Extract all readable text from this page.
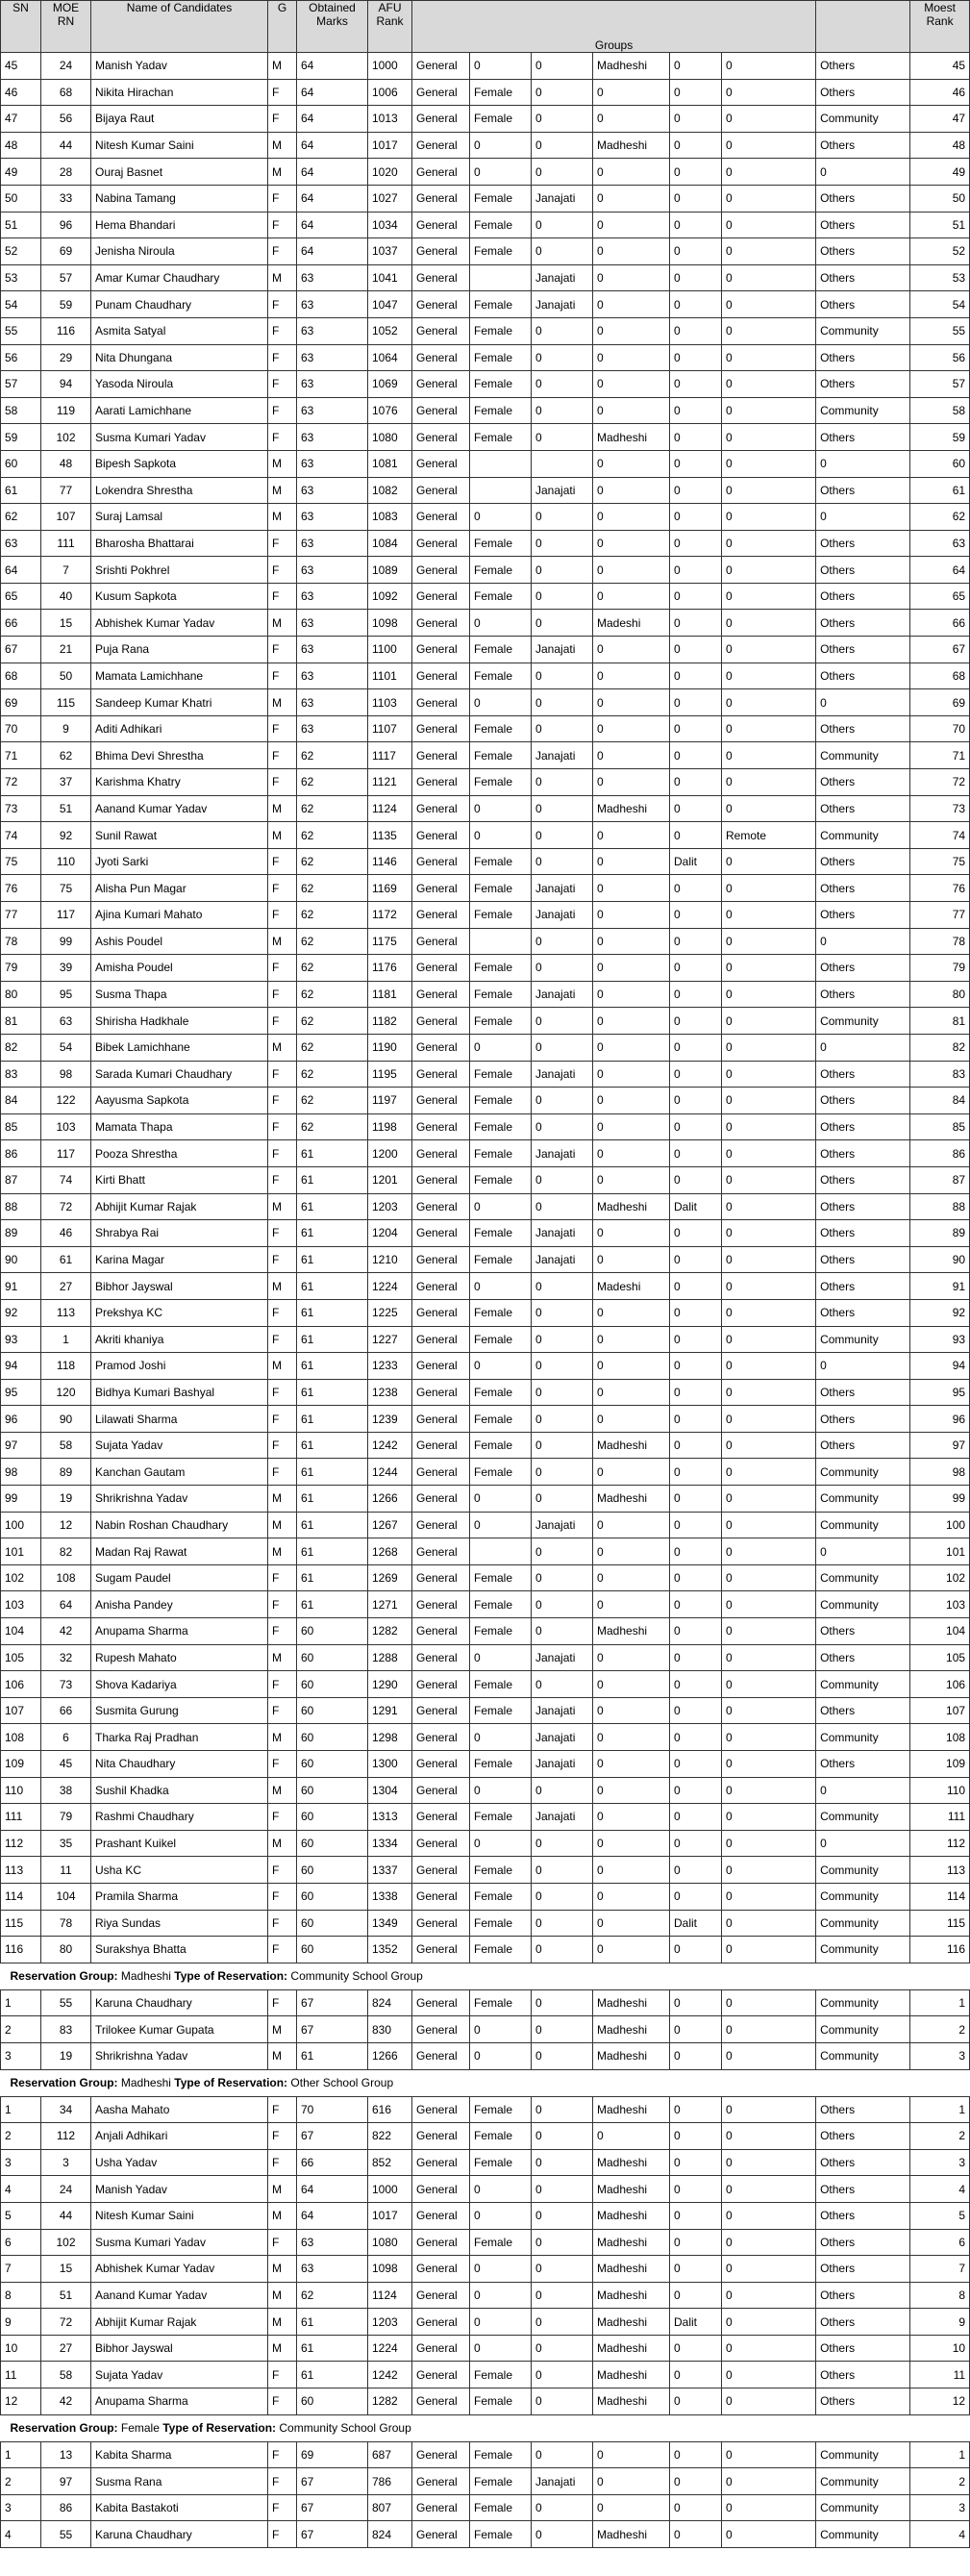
SN	MOE RN	Name of Candidates	G	Obtained Marks	AFU Rank	Groups							Moest Rank
45	24	Manish Yadav	M	64	1000	General	0	0	Madheshi	0	0	Others	45
46	68	Nikita Hirachan	F	64	1006	General	Female	0	0	0	0	Others	46
47	56	Bijaya Raut	F	64	1013	General	Female	0	0	0	0	Community	47
48	44	Nitesh Kumar Saini	M	64	1017	General	0	0	Madheshi	0	0	Others	48
49	28	Ouraj Basnet	M	64	1020	General	0	0	0	0	0	0	49
50	33	Nabina Tamang	F	64	1027	General	Female	Janajati	0	0	0	Others	50
51	96	Hema Bhandari	F	64	1034	General	Female	0	0	0	0	Others	51
52	69	Jenisha Niroula	F	64	1037	General	Female	0	0	0	0	Others	52
53	57	Amar Kumar Chaudhary	M	63	1041	General		Janajati	0	0	0	Others	53
54	59	Punam Chaudhary	F	63	1047	General	Female	Janajati	0	0	0	Others	54
55	116	Asmita Satyal	F	63	1052	General	Female	0	0	0	0	Community	55
56	29	Nita Dhungana	F	63	1064	General	Female	0	0	0	0	Others	56
57	94	Yasoda Niroula	F	63	1069	General	Female	0	0	0	0	Others	57
58	119	Aarati Lamichhane	F	63	1076	General	Female	0	0	0	0	Community	58
59	102	Susma Kumari Yadav	F	63	1080	General	Female	0	Madheshi	0	0	Others	59
60	48	Bipesh Sapkota	M	63	1081	General			0	0	0	0	60
61	77	Lokendra Shrestha	M	63	1082	General		Janajati	0	0	0	Others	61
62	107	Suraj Lamsal	M	63	1083	General	0	0	0	0	0	0	62
63	111	Bharosha Bhattarai	F	63	1084	General	Female	0	0	0	0	Others	63
64	7	Srishti Pokhrel	F	63	1089	General	Female	0	0	0	0	Others	64
65	40	Kusum Sapkota	F	63	1092	General	Female	0	0	0	0	Others	65
66	15	Abhishek Kumar Yadav	M	63	1098	General	0	0	Madeshi	0	0	Others	66
67	21	Puja Rana	F	63	1100	General	Female	Janajati	0	0	0	Others	67
68	50	Mamata Lamichhane	F	63	1101	General	Female	0	0	0	0	Others	68
69	115	Sandeep Kumar Khatri	M	63	1103	General	0	0	0	0	0	0	69
70	9	Aditi Adhikari	F	63	1107	General	Female	0	0	0	0	Others	70
71	62	Bhima Devi Shrestha	F	62	1117	General	Female	Janajati	0	0	0	Community	71
72	37	Karishma Khatry	F	62	1121	General	Female	0	0	0	0	Others	72
73	51	Aanand Kumar Yadav	M	62	1124	General	0	0	Madheshi	0	0	Others	73
74	92	Sunil Rawat	M	62	1135	General	0	0	0	0	Remote	Community	74
75	110	Jyoti Sarki	F	62	1146	General	Female	0	0	Dalit	0	Others	75
76	75	Alisha Pun Magar	F	62	1169	General	Female	Janajati	0	0	0	Others	76
77	117	Ajina Kumari Mahato	F	62	1172	General	Female	Janajati	0	0	0	Others	77
78	99	Ashis Poudel	M	62	1175	General		0	0	0	0	0	78
79	39	Amisha Poudel	F	62	1176	General	Female	0	0	0	0	Others	79
80	95	Susma Thapa	F	62	1181	General	Female	Janajati	0	0	0	Others	80
81	63	Shirisha Hadkhale	F	62	1182	General	Female	0	0	0	0	Community	81
82	54	Bibek Lamichhane	M	62	1190	General	0	0	0	0	0	0	82
83	98	Sarada Kumari Chaudhary	F	62	1195	General	Female	Janajati	0	0	0	Others	83
84	122	Aayusma Sapkota	F	62	1197	General	Female	0	0	0	0	Others	84
85	103	Mamata Thapa	F	62	1198	General	Female	0	0	0	0	Others	85
86	117	Pooza Shrestha	F	61	1200	General	Female	Janajati	0	0	0	Others	86
87	74	Kirti Bhatt	F	61	1201	General	Female	0	0	0	0	Others	87
88	72	Abhijit Kumar Rajak	M	61	1203	General	0	0	Madheshi	Dalit	0	Others	88
89	46	Shrabya Rai	F	61	1204	General	Female	Janajati	0	0	0	Others	89
90	61	Karina Magar	F	61	1210	General	Female	Janajati	0	0	0	Others	90
91	27	Bibhor Jayswal	M	61	1224	General	0	0	Madeshi	0	0	Others	91
92	113	Prekshya KC	F	61	1225	General	Female	0	0	0	0	Others	92
93	1	Akriti khaniya	F	61	1227	General	Female	0	0	0	0	Community	93
94	118	Pramod Joshi	M	61	1233	General	0	0	0	0	0	0	94
95	120	Bidhya Kumari Bashyal	F	61	1238	General	Female	0	0	0	0	Others	95
96	90	Lilawati Sharma	F	61	1239	General	Female	0	0	0	0	Others	96
97	58	Sujata Yadav	F	61	1242	General	Female	0	Madheshi	0	0	Others	97
98	89	Kanchan Gautam	F	61	1244	General	Female	0	0	0	0	Community	98
99	19	Shrikrishna Yadav	M	61	1266	General	0	0	Madheshi	0	0	Community	99
100	12	Nabin Roshan Chaudhary	M	61	1267	General	0	Janajati	0	0	0	Community	100
101	82	Madan Raj Rawat	M	61	1268	General		0	0	0	0	0	101
102	108	Sugam Paudel	F	61	1269	General	Female	0	0	0	0	Community	102
103	64	Anisha Pandey	F	61	1271	General	Female	0	0	0	0	Community	103
104	42	Anupama Sharma	F	60	1282	General	Female	0	Madheshi	0	0	Others	104
105	32	Rupesh Mahato	M	60	1288	General	0	Janajati	0	0	0	Others	105
106	73	Shova Kadariya	F	60	1290	General	Female	0	0	0	0	Community	106
107	66	Susmita Gurung	F	60	1291	General	Female	Janajati	0	0	0	Others	107
108	6	Tharka Raj Pradhan	M	60	1298	General	0	Janajati	0	0	0	Community	108
109	45	Nita Chaudhary	F	60	1300	General	Female	Janajati	0	0	0	Others	109
110	38	Sushil Khadka	M	60	1304	General	0	0	0	0	0	0	110
111	79	Rashmi Chaudhary	F	60	1313	General	Female	Janajati	0	0	0	Community	111
112	35	Prashant Kuikel	M	60	1334	General	0	0	0	0	0	0	112
113	11	Usha KC	F	60	1337	General	Female	0	0	0	0	Community	113
114	104	Pramila Sharma	F	60	1338	General	Female	0	0	0	0	Community	114
115	78	Riya Sundas	F	60	1349	General	Female	0	0	Dalit	0	Community	115
116	80	Surakshya Bhatta	F	60	1352	General	Female	0	0	0	0	Community	116
Reservation Group: Madheshi Type of Reservation: Community School Group													
1	55	Karuna Chaudhary	F	67	824	General	Female	0	Madheshi	0	0	Community	1
2	83	Trilokee Kumar Gupata	M	67	830	General	0	0	Madheshi	0	0	Community	2
3	19	Shrikrishna Yadav	M	61	1266	General	0	0	Madheshi	0	0	Community	3
Reservation Group: Madheshi Type of Reservation: Other School Group													
1	34	Aasha Mahato	F	70	616	General	Female	0	Madheshi	0	0	Others	1
2	112	Anjali Adhikari	F	67	822	General	Female	0	0	0	0	Others	2
3	3	Usha Yadav	F	66	852	General	Female	0	Madheshi	0	0	Others	3
4	24	Manish Yadav	M	64	1000	General	0	0	Madheshi	0	0	Others	4
5	44	Nitesh Kumar Saini	M	64	1017	General	0	0	Madheshi	0	0	Others	5
6	102	Susma Kumari Yadav	F	63	1080	General	Female	0	Madheshi	0	0	Others	6
7	15	Abhishek Kumar Yadav	M	63	1098	General	0	0	Madheshi	0	0	Others	7
8	51	Aanand Kumar Yadav	M	62	1124	General	0	0	Madheshi	0	0	Others	8
9	72	Abhijit Kumar Rajak	M	61	1203	General	0	0	Madheshi	Dalit	0	Others	9
10	27	Bibhor Jayswal	M	61	1224	General	0	0	Madheshi	0	0	Others	10
11	58	Sujata Yadav	F	61	1242	General	Female	0	Madheshi	0	0	Others	11
12	42	Anupama Sharma	F	60	1282	General	Female	0	Madheshi	0	0	Others	12
Reservation Group: Female Type of Reservation: Community School Group													
1	13	Kabita Sharma	F	69	687	General	Female	0	0	0	0	Community	1
2	97	Susma Rana	F	67	786	General	Female	Janajati	0	0	0	Community	2
3	86	Kabita Bastakoti	F	67	807	General	Female	0	0	0	0	Community	3
4	55	Karuna Chaudhary	F	67	824	General	Female	0	Madheshi	0	0	Community	4
